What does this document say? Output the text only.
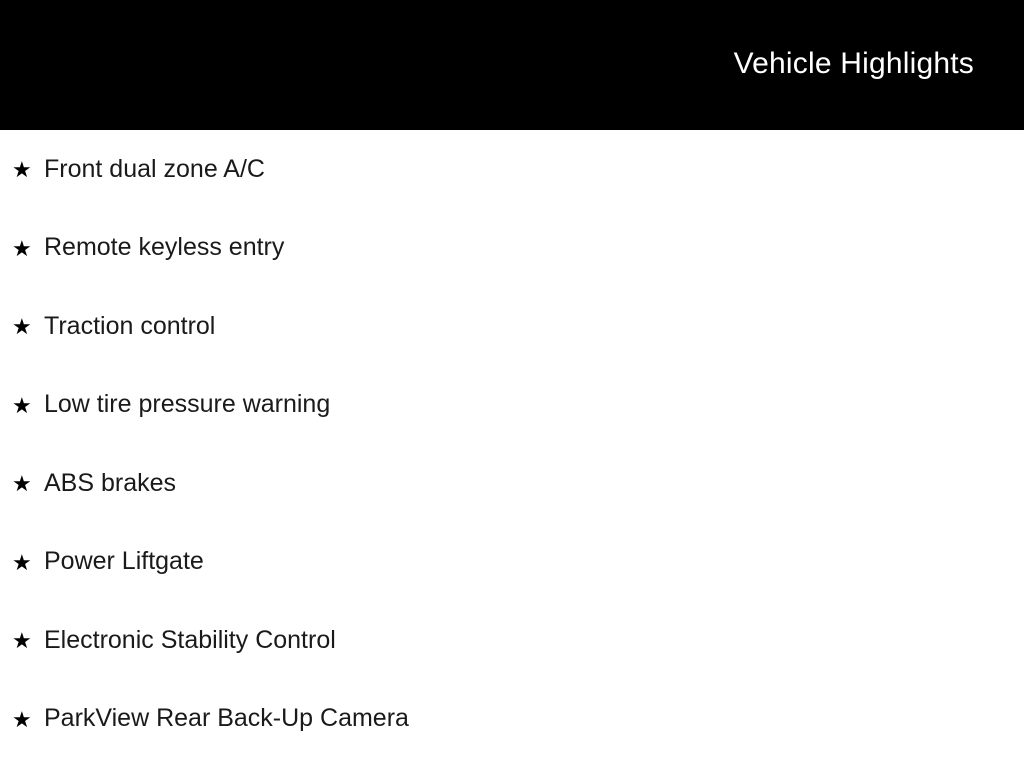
Vehicle Highlights
★ Front dual zone A/C
★ Remote keyless entry
★ Traction control
★ Low tire pressure warning
★ ABS brakes
★ Power Liftgate
★ Electronic Stability Control
★ ParkView Rear Back-Up Camera
